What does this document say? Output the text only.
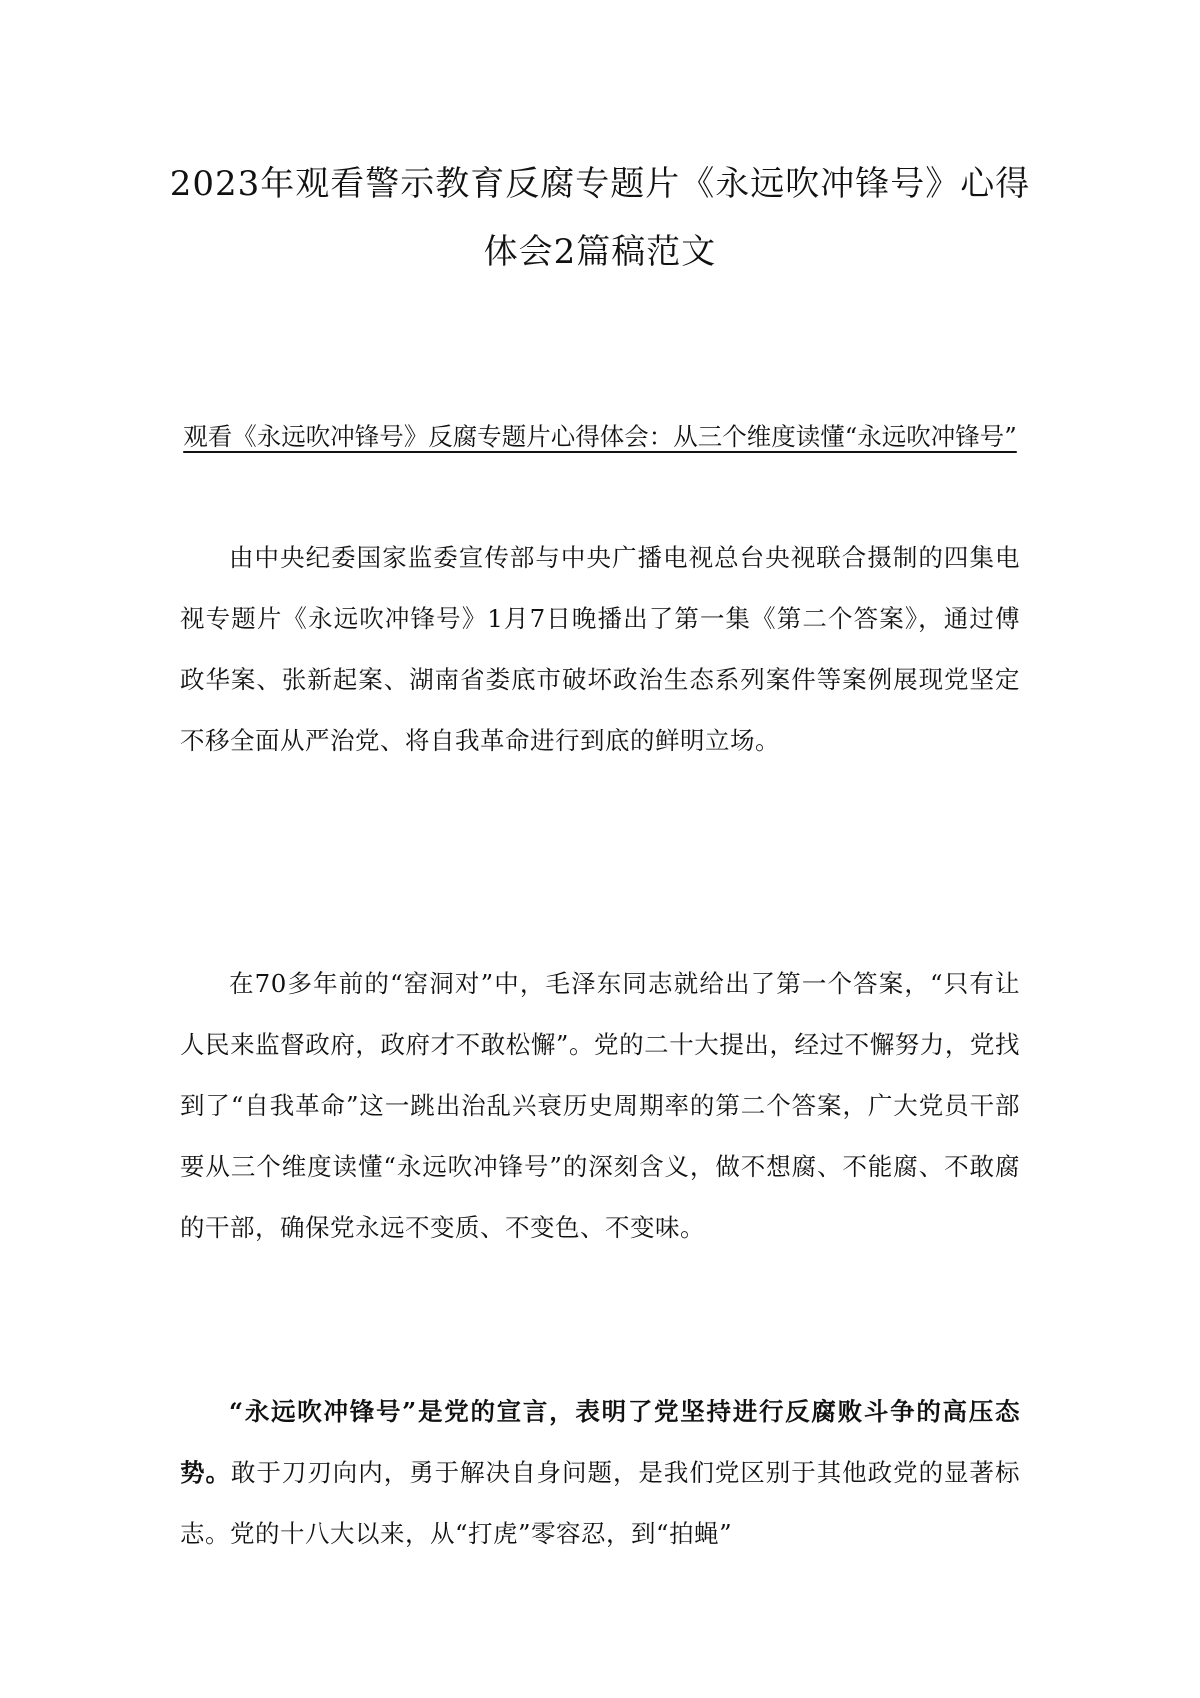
2023年观看警示教育反腐专题片《永远吹冲锋号》心得体会2篇稿范文
观看《永远吹冲锋号》反腐专题片心得体会：从三个维度读懂“永远吹冲锋号”

由中央纪委国家监委宣传部与中央广播电视总台央视联合摄制的四集电视专题片《永远吹冲锋号》1月7日晚播出了第一集《第二个答案》，通过傅政华案、张新起案、湖南省娄底市破坏政治生态系列案件等案例展现党坚定不移全面从严治党、将自我革命进行到底的鲜明立场。

在70多年前的“窑洞对”中，毛泽东同志就给出了第一个答案，“只有让人民来监督政府，政府才不敢松懈”。党的二十大提出，经过不懈努力，党找到了“自我革命”这一跳出治乱兴衰历史周期率的第二个答案，广大党员干部要从三个维度读懂“永远吹冲锋号”的深刻含义，做不想腐、不能腐、不敢腐的干部，确保党永远不变质、不变色、不变味。

“永远吹冲锋号”是党的宣言，表明了党坚持进行反腐败斗争的高压态势。敢于刀刃向内，勇于解决自身问题，是我们党区别于其他政党的显著标志。党的十八大以来，从“打虎”零容忍，到“拍蝇”
